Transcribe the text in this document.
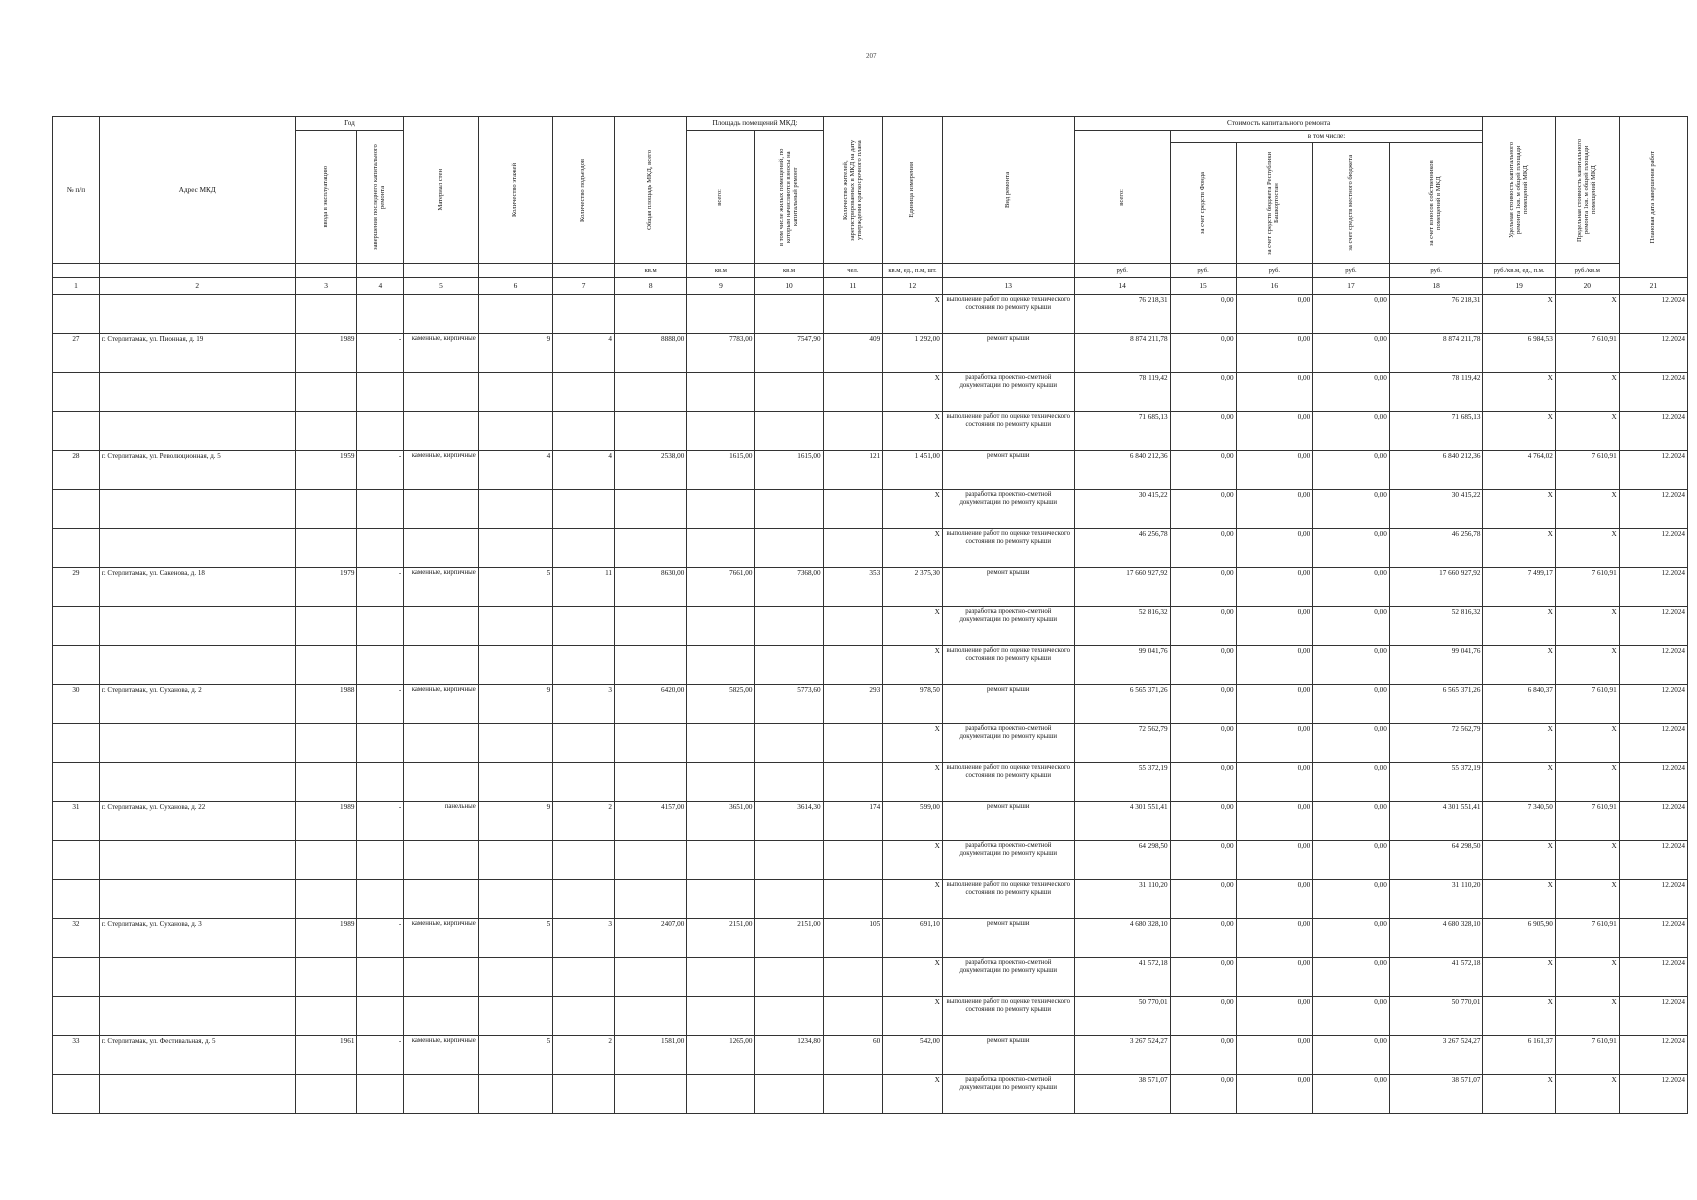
207
№ п/п	Адрес МКД	Год		Материал стен	Количество этажей	Количество подъездов	Общая площадь МКД, всего	Площадь помещений МКД:		Количество жителей, зарегистрированных в МКД на дату утверждения краткосрочного плана	Единица измерения	Вид ремонта	Стоимость капитального ремонта					Удельная стоимость капитального ремонта 1кв. м общей площади помещений МКД	Предельная стоимость капитального ремонта 1кв. м общей площади помещений МКД	Плановая дата завершения работ

		ввода в эксплуатацию	завершения последнего капитального ремонта					всего:	в том числе жилых помещений, по которым начисляются взносы на капитальный ремонт				всего:	в том числе:						

														за счет средств Фонда	за счет средств бюджета Республики Башкортостан	за счет средств местного бюджета	за счет взносов собственников помещений в МКД			

							кв.м	кв.м	кв.м	чел.	кв.м, ед., п.м, шт.		руб.	руб.	руб.	руб.	руб.	руб./кв.м, ед., п.м.	руб./кв.м	
1	2	3	4	5	6	7	8	9	10	11	12	13	14	15	16	17	18	19	20	21
											X	выполнение работ по оценке технического состояния по ремонту крыши	76 218,31	0,00	0,00	0,00	76 218,31	X	X	12.2024
27	г. Стерлитамак, ул. Пионная, д. 19	1989	-	каменные, кирпичные	9	4	8888,00	7783,00	7547,90	409	1 292,00	ремонт крыши	8 874 211,78	0,00	0,00	0,00	8 874 211,78	6 984,53	7 610,91	12.2024
											X	разработка проектно-сметной документации по ремонту крыши	78 119,42	0,00	0,00	0,00	78 119,42	X	X	12.2024
											X	выполнение работ по оценке технического состояния по ремонту крыши	71 685,13	0,00	0,00	0,00	71 685,13	X	X	12.2024
28	г. Стерлитамак, ул. Революционная, д. 5	1959	-	каменные, кирпичные	4	4	2538,00	1615,00	1615,00	121	1 451,00	ремонт крыши	6 840 212,36	0,00	0,00	0,00	6 840 212,36	4 764,02	7 610,91	12.2024
											X	разработка проектно-сметной документации по ремонту крыши	30 415,22	0,00	0,00	0,00	30 415,22	X	X	12.2024
											X	выполнение работ по оценке технического состояния по ремонту крыши	46 256,78	0,00	0,00	0,00	46 256,78	X	X	12.2024
29	г. Стерлитамак, ул. Сакенова, д. 18	1979	-	каменные, кирпичные	5	11	8630,00	7661,00	7368,00	353	2 375,30	ремонт крыши	17 660 927,92	0,00	0,00	0,00	17 660 927,92	7 499,17	7 610,91	12.2024
											X	разработка проектно-сметной документации по ремонту крыши	52 816,32	0,00	0,00	0,00	52 816,32	X	X	12.2024
											X	выполнение работ по оценке технического состояния по ремонту крыши	99 041,76	0,00	0,00	0,00	99 041,76	X	X	12.2024
30	г. Стерлитамак, ул. Суханова, д. 2	1988	-	каменные, кирпичные	9	3	6420,00	5825,00	5773,60	293	978,50	ремонт крыши	6 565 371,26	0,00	0,00	0,00	6 565 371,26	6 840,37	7 610,91	12.2024
											X	разработка проектно-сметной документации по ремонту крыши	72 562,79	0,00	0,00	0,00	72 562,79	X	X	12.2024
											X	выполнение работ по оценке технического состояния по ремонту крыши	55 372,19	0,00	0,00	0,00	55 372,19	X	X	12.2024
31	г. Стерлитамак, ул. Суханова, д. 22	1989	-	панельные	9	2	4157,00	3651,00	3614,30	174	599,00	ремонт крыши	4 301 551,41	0,00	0,00	0,00	4 301 551,41	7 340,50	7 610,91	12.2024
											X	разработка проектно-сметной документации по ремонту крыши	64 298,50	0,00	0,00	0,00	64 298,50	X	X	12.2024
											X	выполнение работ по оценке технического состояния по ремонту крыши	31 110,20	0,00	0,00	0,00	31 110,20	X	X	12.2024
32	г. Стерлитамак, ул. Суханова, д. 3	1989	-	каменные, кирпичные	5	3	2407,00	2151,00	2151,00	105	691,10	ремонт крыши	4 680 328,10	0,00	0,00	0,00	4 680 328,10	6 905,90	7 610,91	12.2024
											X	разработка проектно-сметной документации по ремонту крыши	41 572,18	0,00	0,00	0,00	41 572,18	X	X	12.2024
											X	выполнение работ по оценке технического состояния по ремонту крыши	50 770,01	0,00	0,00	0,00	50 770,01	X	X	12.2024
33	г. Стерлитамак, ул. Фестивальная, д. 5	1961	-	каменные, кирпичные	5	2	1581,00	1265,00	1234,80	60	542,00	ремонт крыши	3 267 524,27	0,00	0,00	0,00	3 267 524,27	6 161,37	7 610,91	12.2024
											X	разработка проектно-сметной документации по ремонту крыши	38 571,07	0,00	0,00	0,00	38 571,07	X	X	12.2024
